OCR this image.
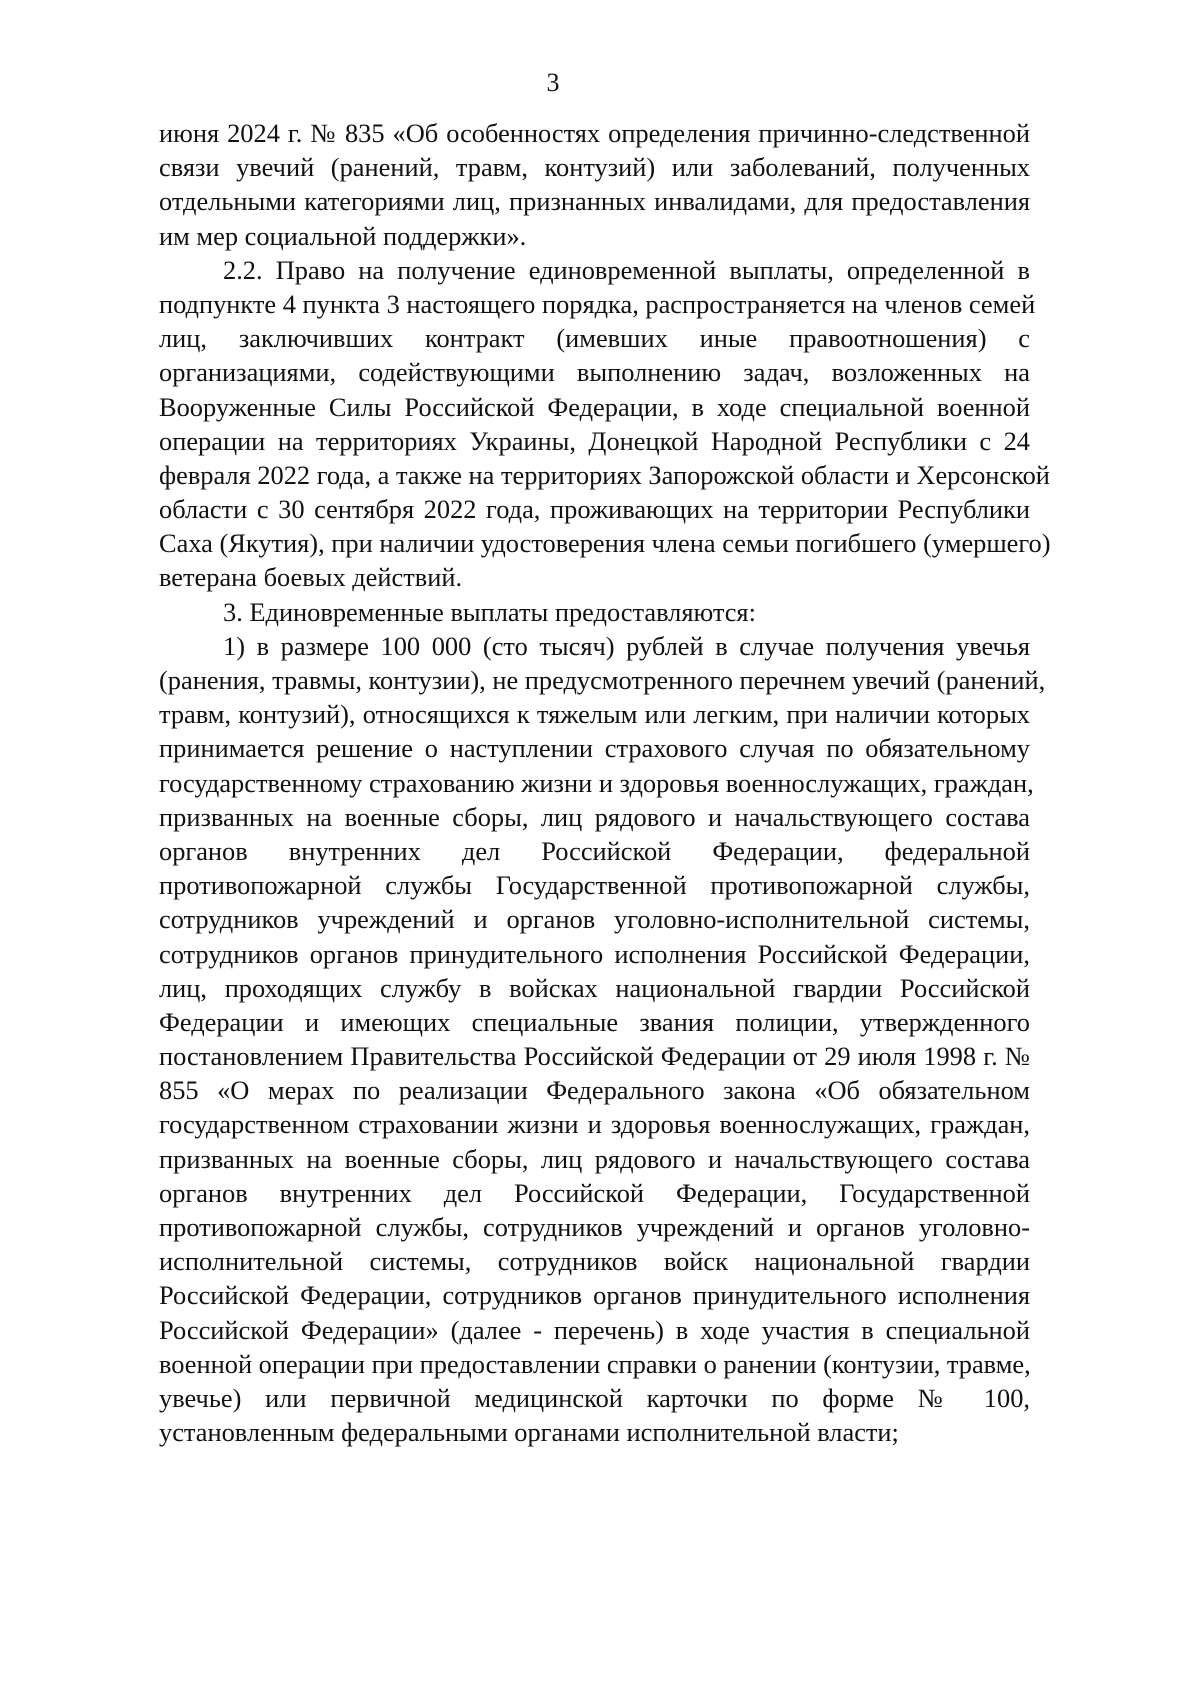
3
июня 2024 г. № 835 «Об особенностях определения причинно-следственной
связи увечий (ранений, травм, контузий) или заболеваний, полученных
отдельными категориями лиц, признанных инвалидами, для предоставления
им мер социальной поддержки».
2.2. Право на получение единовременной выплаты, определенной в
подпункте 4 пункта 3 настоящего порядка, распространяется на членов семей
лиц, заключивших контракт (имевших иные правоотношения) с
организациями, содействующими выполнению задач, возложенных на
Вооруженные Силы Российской Федерации, в ходе специальной военной
операции на территориях Украины, Донецкой Народной Республики с 24
февраля 2022 года, а также на территориях Запорожской области и Херсонской
области с 30 сентября 2022 года, проживающих на территории Республики
Саха (Якутия), при наличии удостоверения члена семьи погибшего (умершего)
ветерана боевых действий.
3. Единовременные выплаты предоставляются:
1) в размере 100 000 (сто тысяч) рублей в случае получения увечья
(ранения, травмы, контузии), не предусмотренного перечнем увечий (ранений,
травм, контузий), относящихся к тяжелым или легким, при наличии которых
принимается решение о наступлении страхового случая по обязательному
государственному страхованию жизни и здоровья военнослужащих, граждан,
призванных на военные сборы, лиц рядового и начальствующего состава
органов внутренних дел Российской Федерации, федеральной
противопожарной службы Государственной противопожарной службы,
сотрудников учреждений и органов уголовно-исполнительной системы,
сотрудников органов принудительного исполнения Российской Федерации,
лиц, проходящих службу в войсках национальной гвардии Российской
Федерации и имеющих специальные звания полиции, утвержденного
постановлением Правительства Российской Федерации от 29 июля 1998 г. №
855 «О мерах по реализации Федерального закона «Об обязательном
государственном страховании жизни и здоровья военнослужащих, граждан,
призванных на военные сборы, лиц рядового и начальствующего состава
органов внутренних дел Российской Федерации, Государственной
противопожарной службы, сотрудников учреждений и органов уголовно-
исполнительной системы, сотрудников войск национальной гвардии
Российской Федерации, сотрудников органов принудительного исполнения
Российской Федерации» (далее - перечень) в ходе участия в специальной
военной операции при предоставлении справки о ранении (контузии, травме,
увечье) или первичной медицинской карточки по форме № 100,
установленным федеральными органами исполнительной власти;
